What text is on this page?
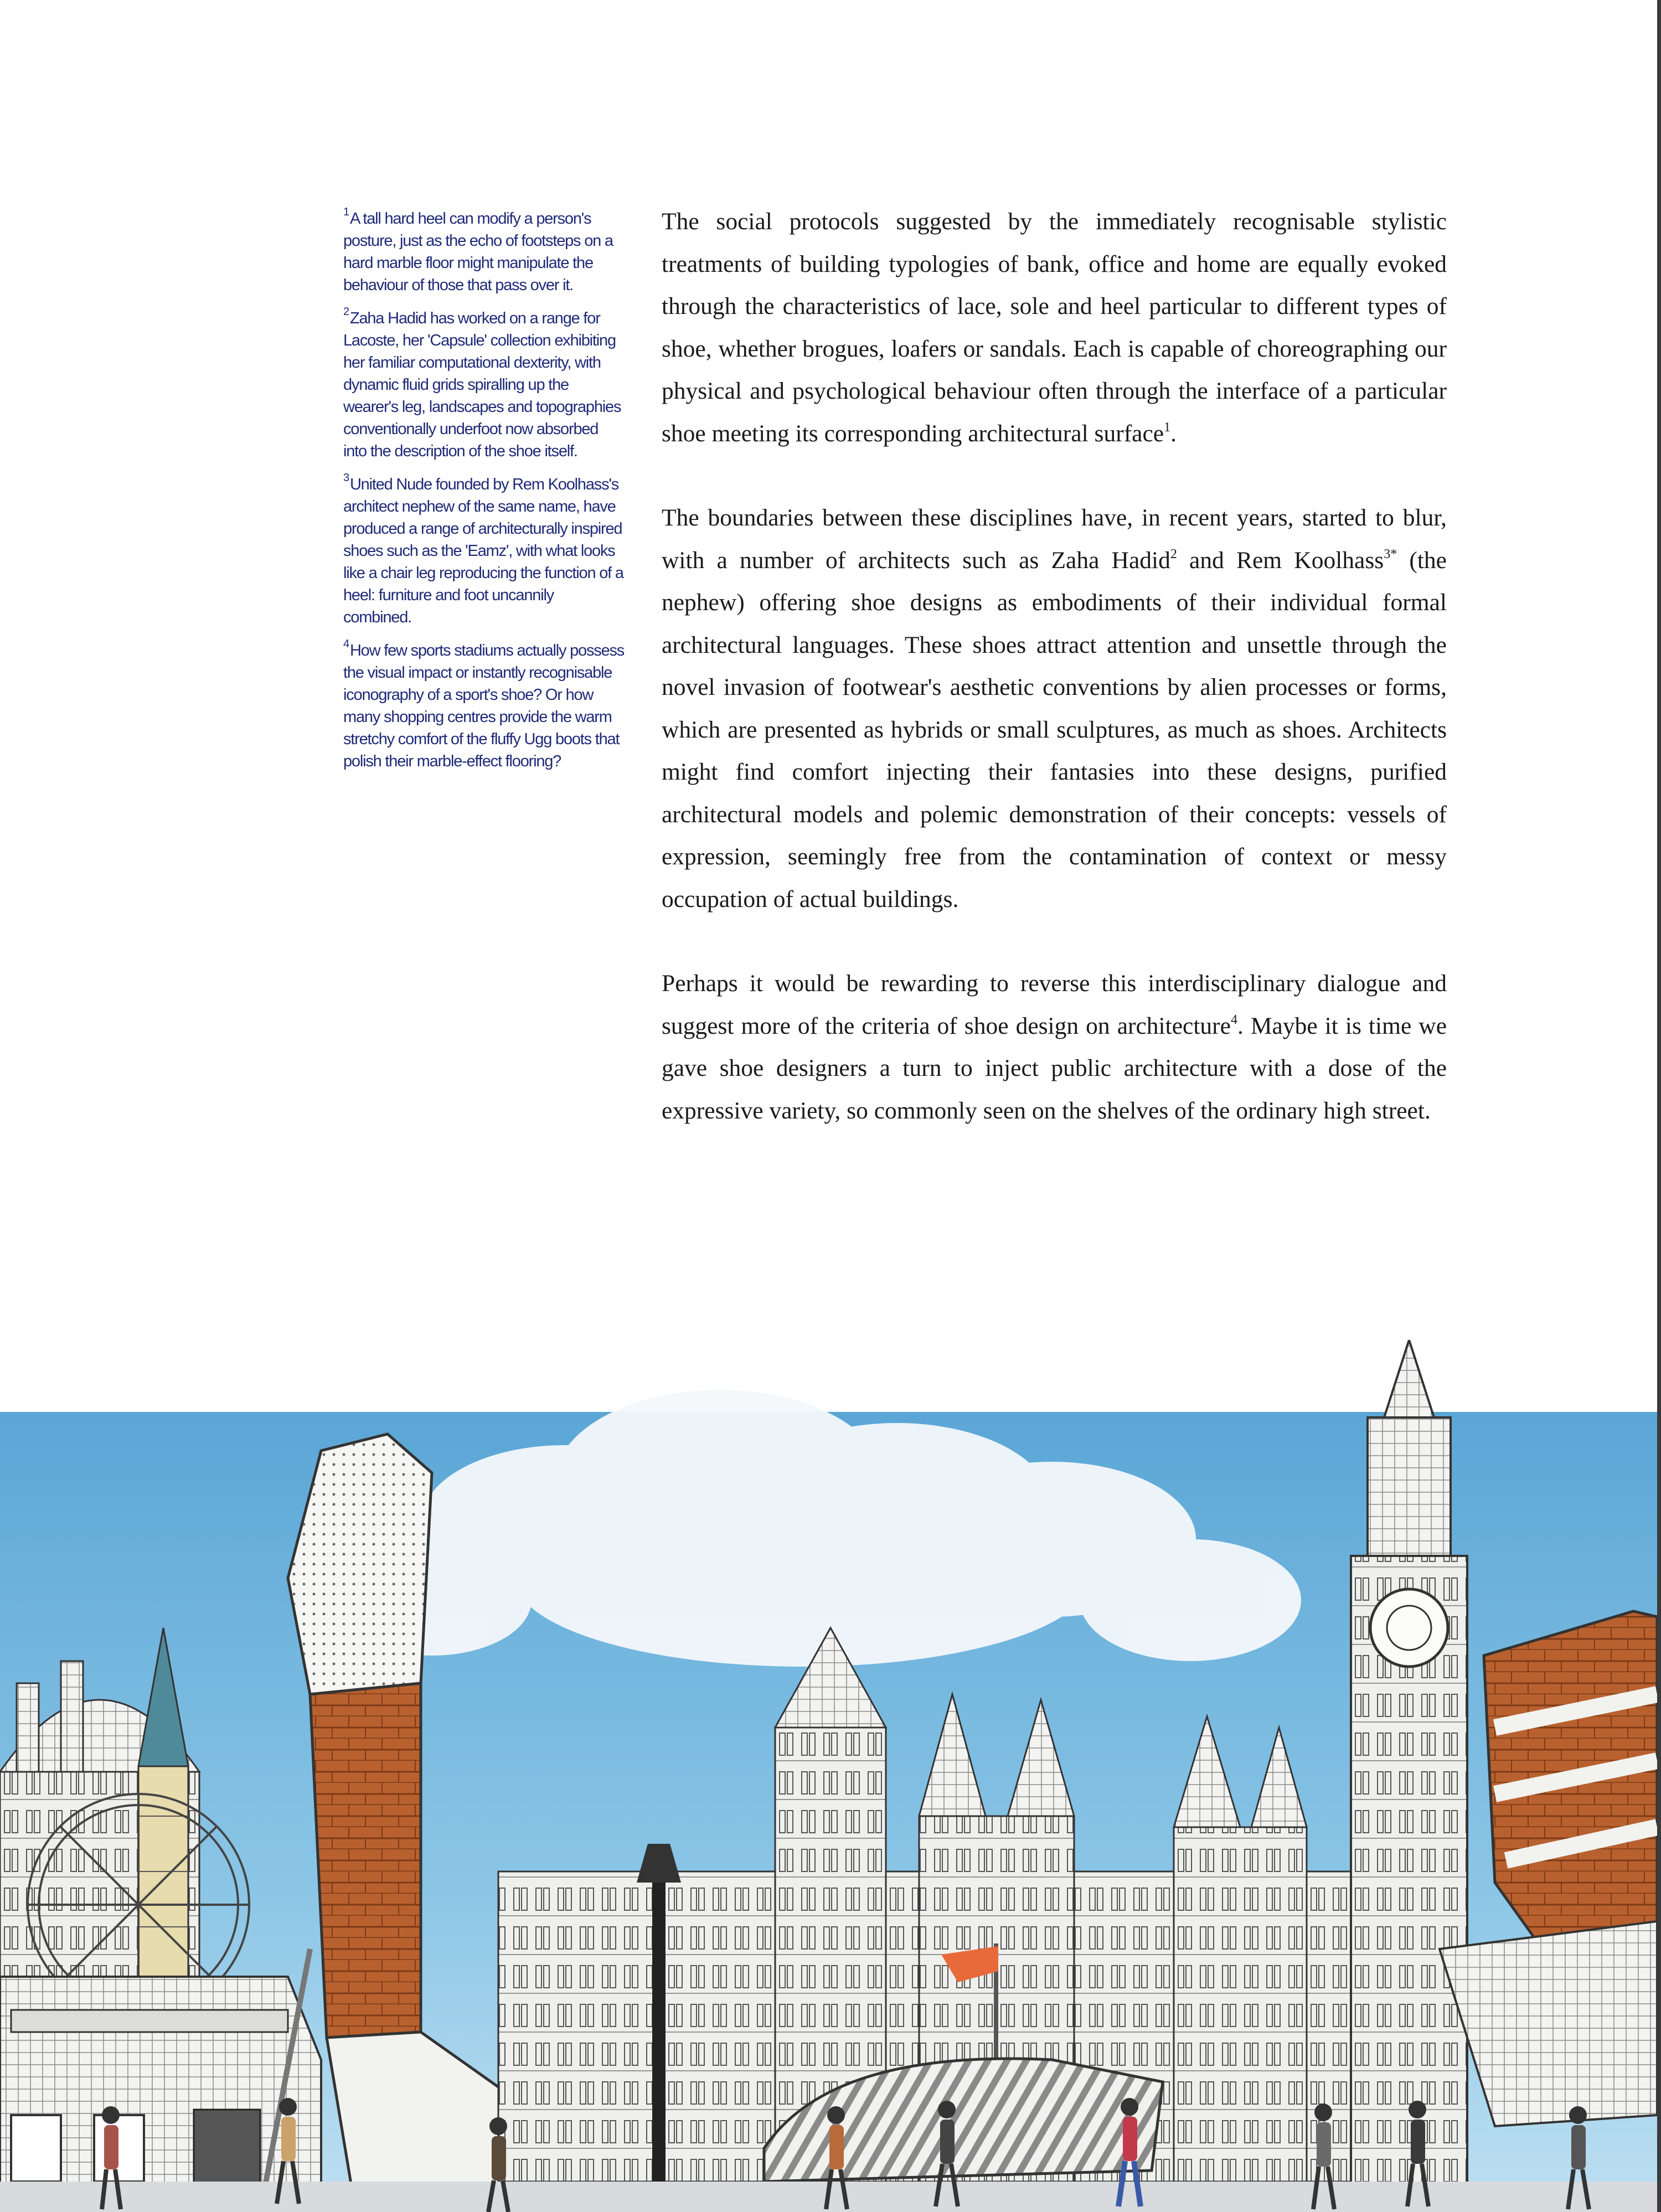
$^1$A tall hard heel can modify a person's posture, just as the echo of footsteps on a hard marble floor might manipulate the behaviour of those that pass over it.
$^2$Zaha Hadid has worked on a range for Lacoste, her 'Capsule' collection exhibiting her familiar computational dexterity, with dynamic fluid grids spiralling up the wearer's leg, landscapes and topographies conventionally underfoot now absorbed into the description of the shoe itself.
$^3$United Nude founded by Rem Koolhass's architect nephew of the same name, have produced a range of architecturally inspired shoes such as the 'Eamz', with what looks like a chair leg reproducing the function of a heel: furniture and foot uncannily combined.
$^4$How few sports stadiums actually possess the visual impact or instantly recognisable iconography of a sport's shoe? Or how many shopping centres provide the warm stretchy comfort of the fluffy Ugg boots that polish their marble-effect flooring?

The social protocols suggested by the immediately recognisable stylistic treatments of building typologies of bank, office and home are equally evoked through the characteristics of lace, sole and heel particular to different types of shoe, whether brogues, loafers or sandals. Each is capable of choreographing our physical and psychological behaviour often through the interface of a particular shoe meeting its corresponding architectural surface$^1$.

The boundaries between these disciplines have, in recent years, started to blur, with a number of architects such as Zaha Hadid$^2$ and Rem Koolhass$^{3*}$ (the nephew) offering shoe designs as embodiments of their individual formal architectural languages. These shoes attract attention and unsettle through the novel invasion of footwear's aesthetic conventions by alien processes or forms, which are presented as hybrids or small sculptures, as much as shoes. Architects might find comfort injecting their fantasies into these designs, purified architectural models and polemic demonstration of their concepts: vessels of expression, seemingly free from the contamination of context or messy occupation of actual buildings.

Perhaps it would be rewarding to reverse this interdisciplinary dialogue and suggest more of the criteria of shoe design on architecture$^4$. Maybe it is time we gave shoe designers a turn to inject public architecture with a dose of the expressive variety, so commonly seen on the shelves of the ordinary high street.
